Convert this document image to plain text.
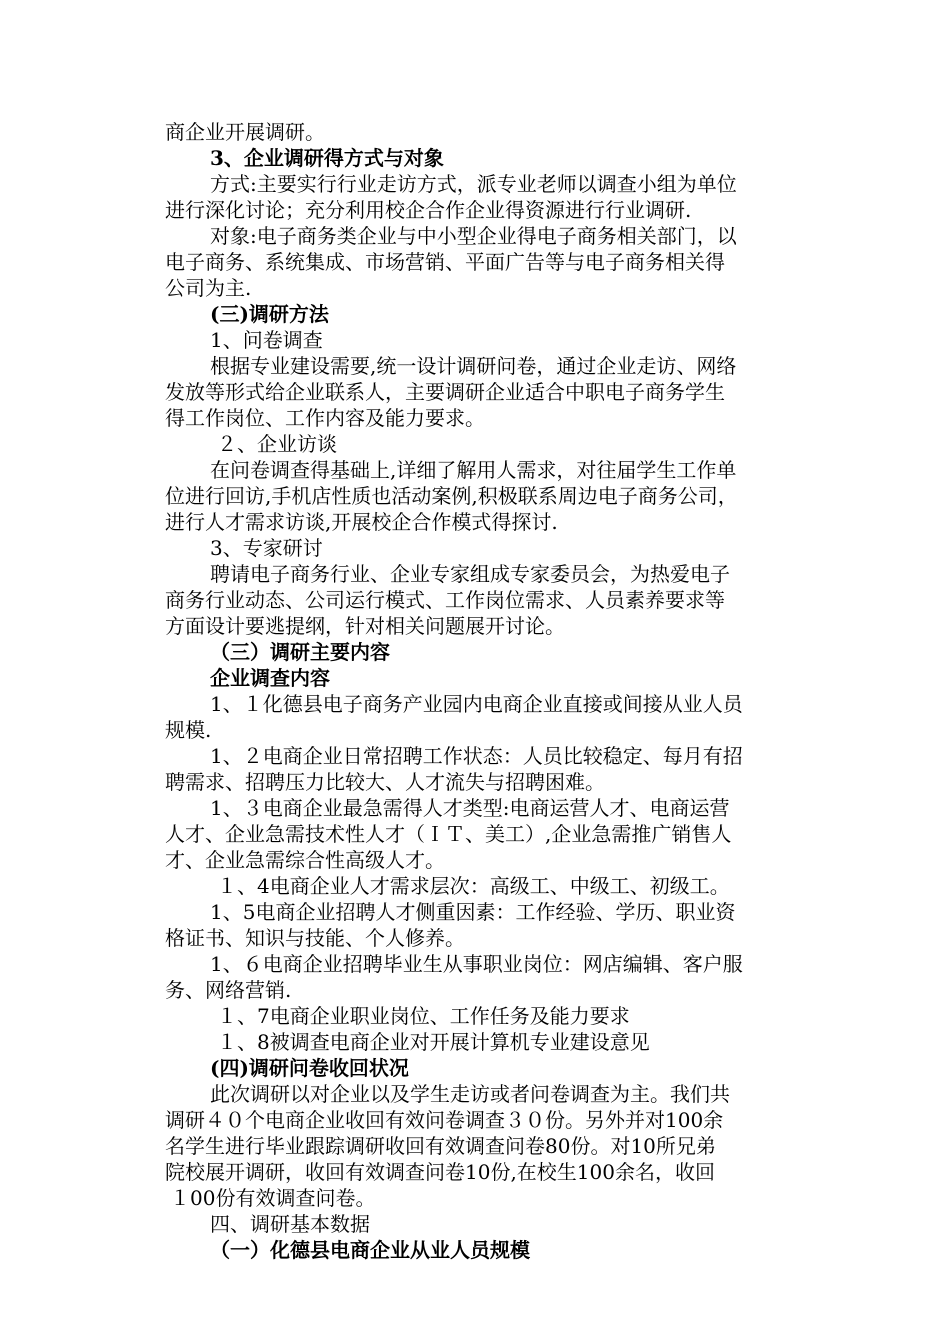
商企业开展调研。

3、企业调研得方式与对象

方式:主要实行行业走访方式，派专业老师以调查小组为单位

进行深化讨论；充分利用校企合作企业得资源进行行业调研.

对象:电子商务类企业与中小型企业得电子商务相关部门，以

电子商务、系统集成、市场营销、平面广告等与电子商务相关得

公司为主.

(三)调研方法

1、问卷调查

根据专业建设需要,统一设计调研问卷，通过企业走访、网络

发放等形式给企业联系人，主要调研企业适合中职电子商务学生

得工作岗位、工作内容及能力要求。

２、企业访谈

在问卷调查得基础上,详细了解用人需求，对往届学生工作单

位进行回访,手机店性质也活动案例,积极联系周边电子商务公司，

进行人才需求访谈,开展校企合作模式得探讨.

3、专家研讨

聘请电子商务行业、企业专家组成专家委员会，为热爱电子

商务行业动态、公司运行模式、工作岗位需求、人员素养要求等

方面设计要逃提纲，针对相关问题展开讨论。

（三）调研主要内容

企业调查内容

1、１化德县电子商务产业园内电商企业直接或间接从业人员

规模.

1、２电商企业日常招聘工作状态：人员比较稳定、每月有招

聘需求、招聘压力比较大、人才流失与招聘困难。

1、３电商企业最急需得人才类型:电商运营人才、电商运营

人才、企业急需技术性人才（ＩＴ、美工）,企业急需推广销售人

才、企业急需综合性高级人才。

１、4电商企业人才需求层次：高级工、中级工、初级工。

1、5电商企业招聘人才侧重因素：工作经验、学历、职业资

格证书、知识与技能、个人修养。

1、６电商企业招聘毕业生从事职业岗位：网店编辑、客户服

务、网络营销.

１、7电商企业职业岗位、工作任务及能力要求

１、8被调查电商企业对开展计算机专业建设意见

(四)调研问卷收回状况

此次调研以对企业以及学生走访或者问卷调查为主。我们共

调研４０个电商企业收回有效问卷调查３０份。另外并对100余

名学生进行毕业跟踪调研收回有效调查问卷80份。对10所兄弟

院校展开调研，收回有效调查问卷10份,在校生100余名，收回

１00份有效调查问卷。

四、调研基本数据

（一）化德县电商企业从业人员规模
